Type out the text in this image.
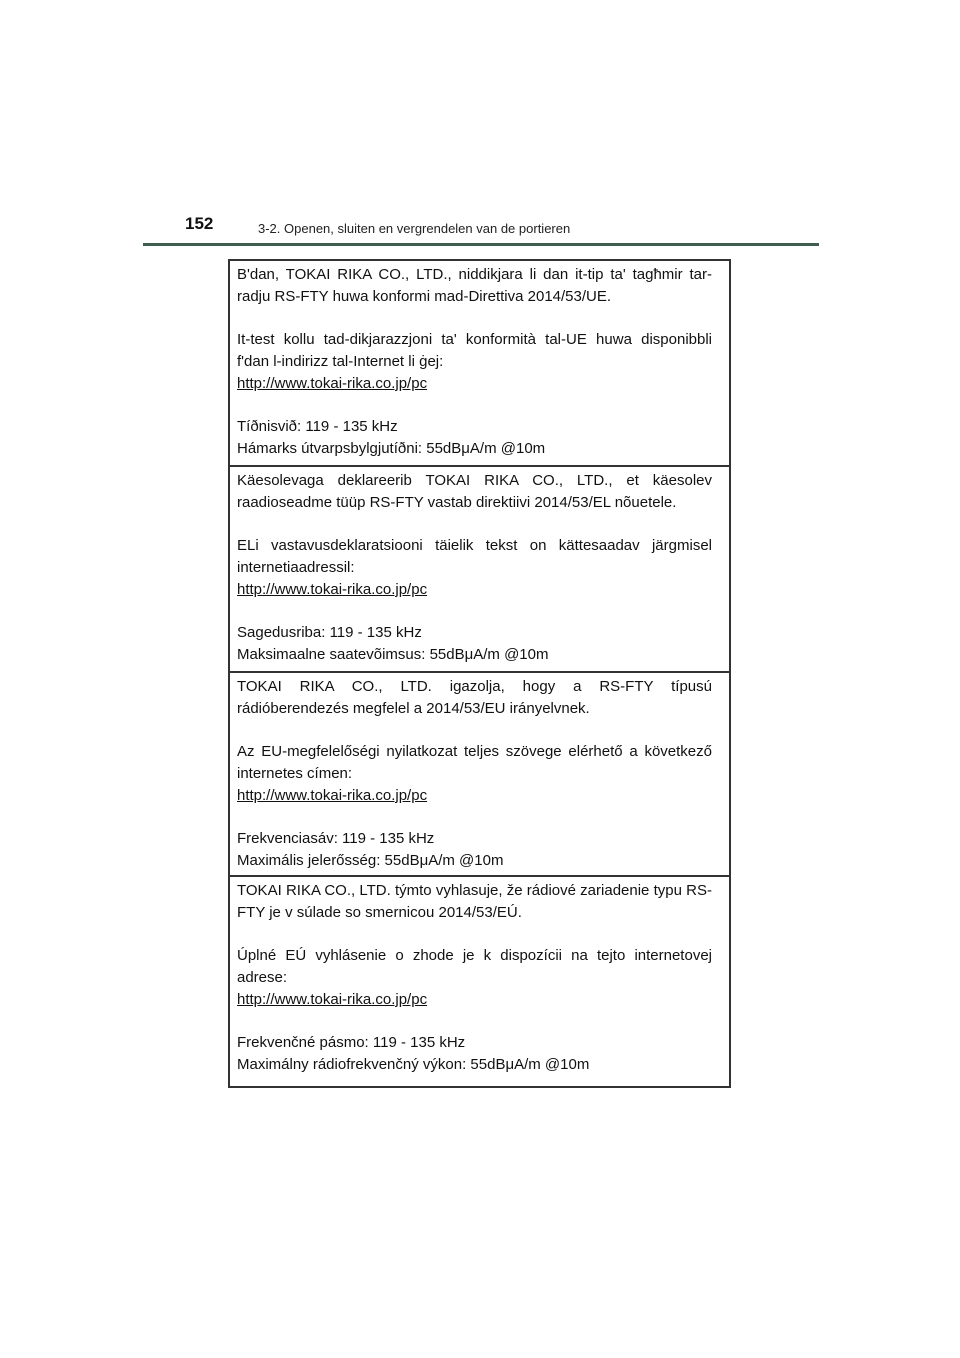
152	3-2. Openen, sluiten en vergrendelen van de portieren

B'dan, TOKAI RIKA CO., LTD., niddikjara li dan it-tip ta' tagħmir tar-radju RS-FTY huwa konformi mad-Direttiva 2014/53/UE.

It-test kollu tad-dikjarazzjoni ta' konformità tal-UE huwa disponibbli f'dan l-indirizz tal-Internet li ġej:

http://www.tokai-rika.co.jp/pc

Tíðnisvið: 119 - 135 kHz

Hámarks útvarpsbylgjutíðni: 55dBμA/m @10m

Käesolevaga deklareerib TOKAI RIKA CO., LTD., et käesolev raadioseadme tüüp RS-FTY vastab direktiivi 2014/53/EL nõuetele.

ELi vastavusdeklaratsiooni täielik tekst on kättesaadav järgmisel internetiaadressil:

http://www.tokai-rika.co.jp/pc

Sagedusriba: 119 - 135 kHz

Maksimaalne saatevõimsus: 55dBμA/m @10m

TOKAI RIKA CO., LTD. igazolja, hogy a RS-FTY típusú rádióberendezés megfelel a 2014/53/EU irányelvnek.

Az EU-megfelelőségi nyilatkozat teljes szövege elérhető a következő internetes címen:

http://www.tokai-rika.co.jp/pc

Frekvenciasáv: 119 - 135 kHz

Maximális jelerősség: 55dBμA/m @10m

TOKAI RIKA CO., LTD. týmto vyhlasuje, že rádiové zariadenie typu RS-FTY je v súlade so smernicou 2014/53/EÚ.

Úplné EÚ vyhlásenie o zhode je k dispozícii na tejto internetovej adrese:

http://www.tokai-rika.co.jp/pc

Frekvenčné pásmo: 119 - 135 kHz

Maximálny rádiofrekvenčný výkon: 55dBμA/m @10m
